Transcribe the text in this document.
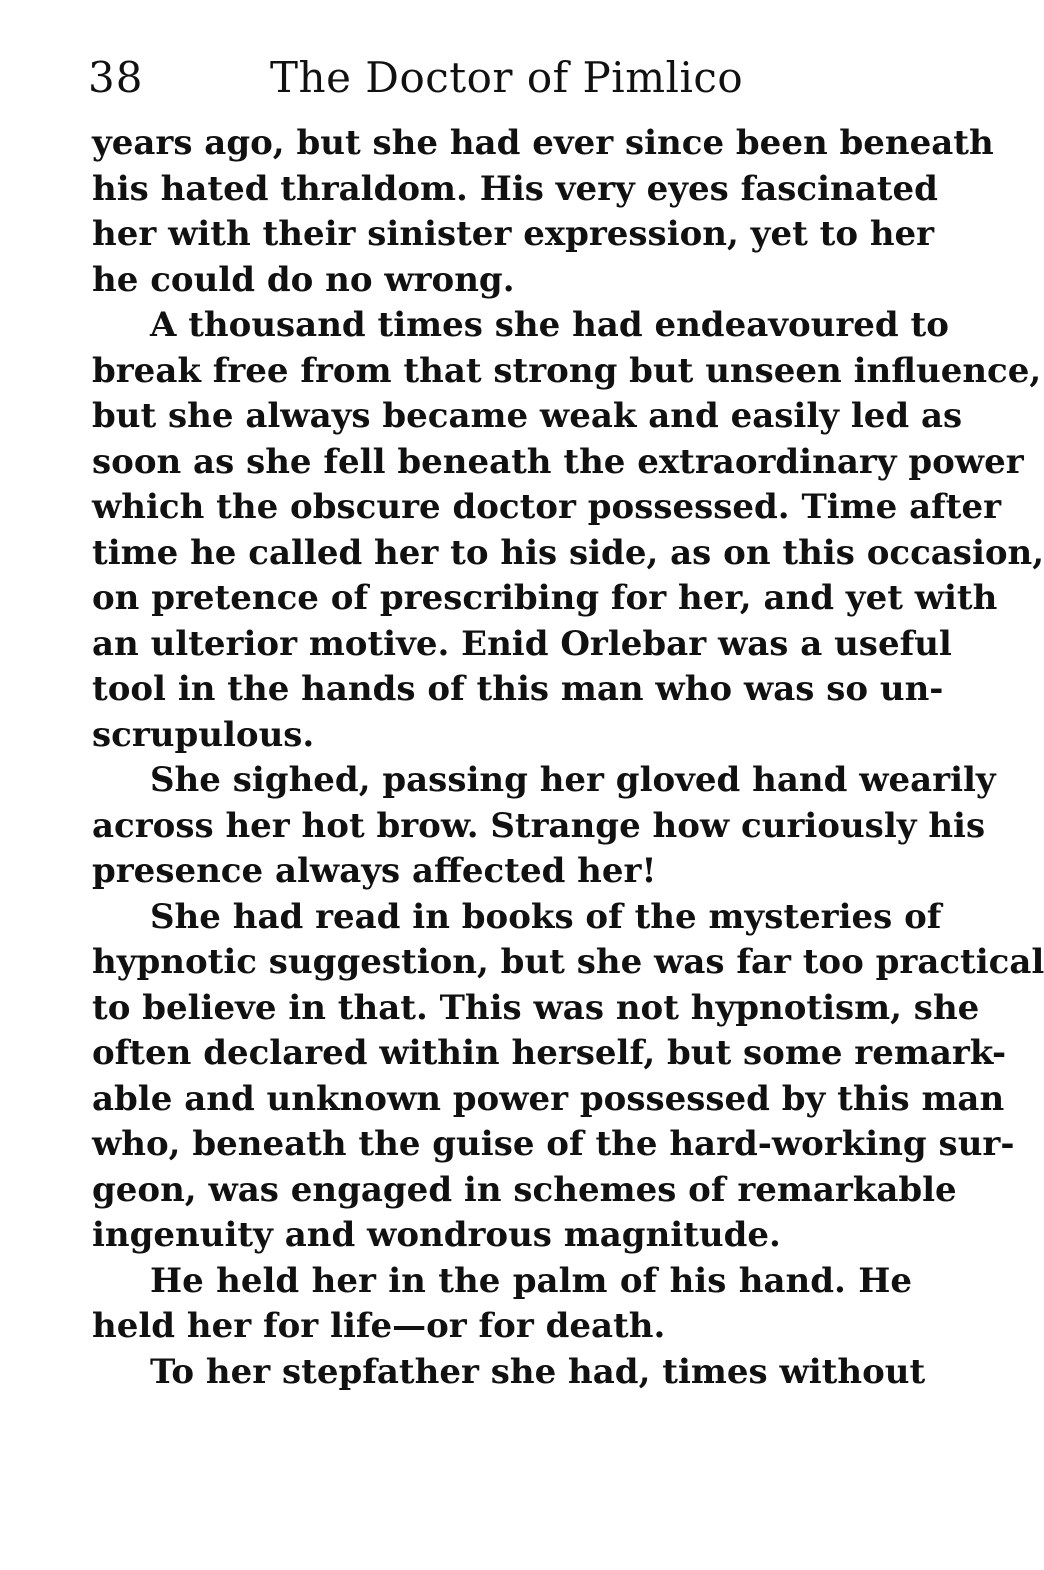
38	The Doctor of Pimlico
years ago, but she had ever since been beneath
his hated thraldom. His very eyes fascinated
her with their sinister expression, yet to her
he could do no wrong.
A thousand times she had endeavoured to
break free from that strong but unseen influence,
but she always became weak and easily led as
soon as she fell beneath the extraordinary power
which the obscure doctor possessed. Time after
time he called her to his side, as on this occasion,
on pretence of prescribing for her, and yet with
an ulterior motive. Enid Orlebar was a useful
tool in the hands of this man who was so un-
scrupulous.
She sighed, passing her gloved hand wearily
across her hot brow. Strange how curiously his
presence always affected her!
She had read in books of the mysteries of
hypnotic suggestion, but she was far too practical
to believe in that. This was not hypnotism, she
often declared within herself, but some remark-
able and unknown power possessed by this man
who, beneath the guise of the hard-working sur-
geon, was engaged in schemes of remarkable
ingenuity and wondrous magnitude.
He held her in the palm of his hand. He
held her for life—or for death.
To her stepfather she had, times without
